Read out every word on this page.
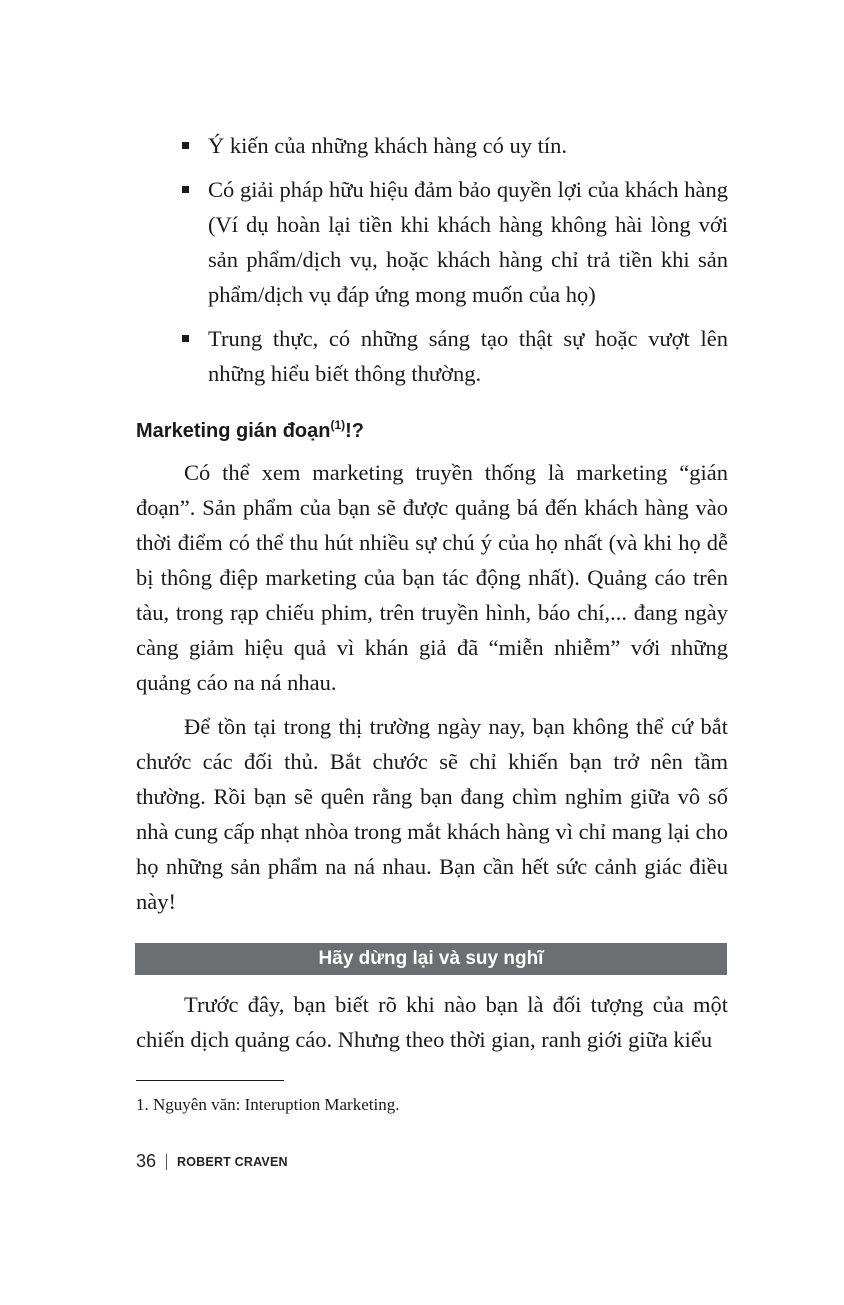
Ý kiến của những khách hàng có uy tín.
Có giải pháp hữu hiệu đảm bảo quyền lợi của khách hàng (Ví dụ hoàn lại tiền khi khách hàng không hài lòng với sản phẩm/dịch vụ, hoặc khách hàng chỉ trả tiền khi sản phẩm/dịch vụ đáp ứng mong muốn của họ)
Trung thực, có những sáng tạo thật sự hoặc vượt lên những hiểu biết thông thường.
Marketing gián đoạn$^{(1)}$!?

Có thể xem marketing truyền thống là marketing “gián đoạn”. Sản phẩm của bạn sẽ được quảng bá đến khách hàng vào thời điểm có thể thu hút nhiều sự chú ý của họ nhất (và khi họ dễ bị thông điệp marketing của bạn tác động nhất). Quảng cáo trên tàu, trong rạp chiếu phim, trên truyền hình, báo chí,... đang ngày càng giảm hiệu quả vì khán giả đã “miễn nhiễm” với những quảng cáo na ná nhau.

Để tồn tại trong thị trường ngày nay, bạn không thể cứ bắt chước các đối thủ. Bắt chước sẽ chỉ khiến bạn trở nên tầm thường. Rồi bạn sẽ quên rằng bạn đang chìm nghỉm giữa vô số nhà cung cấp nhạt nhòa trong mắt khách hàng vì chỉ mang lại cho họ những sản phẩm na ná nhau. Bạn cần hết sức cảnh giác điều này!

Hãy dừng lại và suy nghĩ

Trước đây, bạn biết rõ khi nào bạn là đối tượng của một chiến dịch quảng cáo. Nhưng theo thời gian, ranh giới giữa kiểu

1. Nguyên văn: Interuption Marketing.

36 ROBERT CRAVEN
